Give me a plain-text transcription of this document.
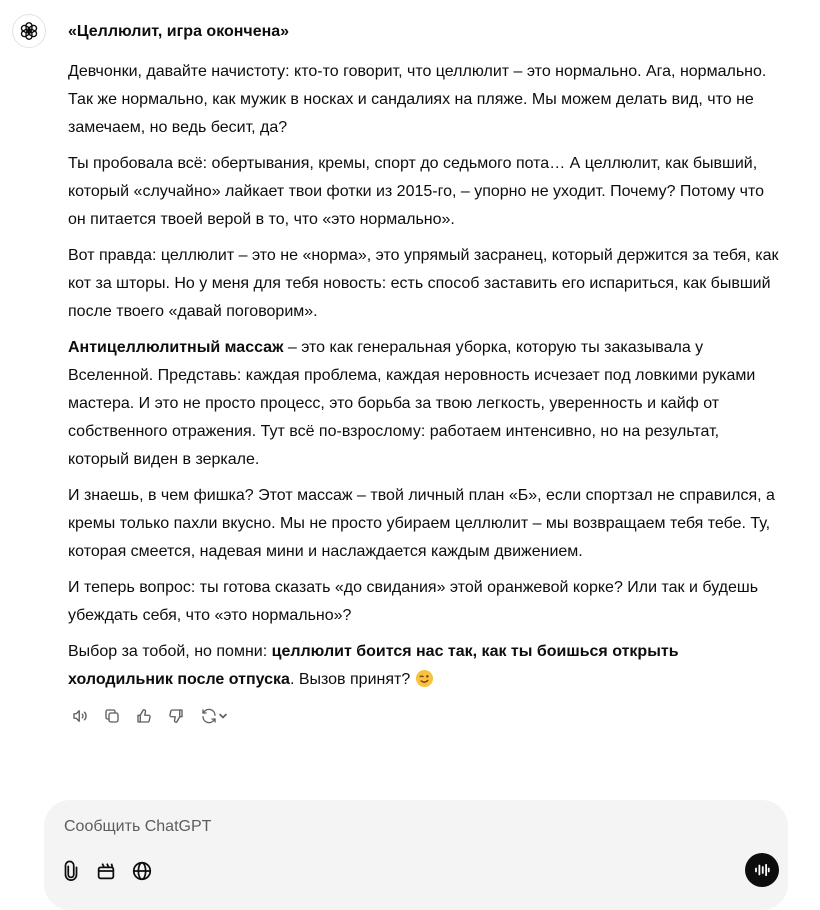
«Целлюлит, игра окончена»

Девчонки, давайте начистоту: кто-то говорит, что целлюлит – это нормально. Ага, нормально. Так же нормально, как мужик в носках и сандалиях на пляже. Мы можем делать вид, что не замечаем, но ведь бесит, да?

Ты пробовала всё: обертывания, кремы, спорт до седьмого пота… А целлюлит, как бывший, который «случайно» лайкает твои фотки из 2015-го, – упорно не уходит. Почему? Потому что он питается твоей верой в то, что «это нормально».

Вот правда: целлюлит – это не «норма», это упрямый засранец, который держится за тебя, как кот за шторы. Но у меня для тебя новость: есть способ заставить его испариться, как бывший после твоего «давай поговорим».

Антицеллюлитный массаж – это как генеральная уборка, которую ты заказывала у Вселенной. Представь: каждая проблема, каждая неровность исчезает под ловкими руками мастера. И это не просто процесс, это борьба за твою легкость, уверенность и кайф от собственного отражения. Тут всё по-взрослому: работаем интенсивно, но на результат, который виден в зеркале.

И знаешь, в чем фишка? Этот массаж – твой личный план «Б», если спортзал не справился, а кремы только пахли вкусно. Мы не просто убираем целлюлит – мы возвращаем тебя тебе. Ту, которая смеется, надевая мини и наслаждается каждым движением.

И теперь вопрос: ты готова сказать «до свидания» этой оранжевой корке? Или так и будешь убеждать себя, что «это нормально»?

Выбор за тобой, но помни: целлюлит боится нас так, как ты боишься открыть холодильник после отпуска. Вызов принят?

Сообщить ChatGPT
